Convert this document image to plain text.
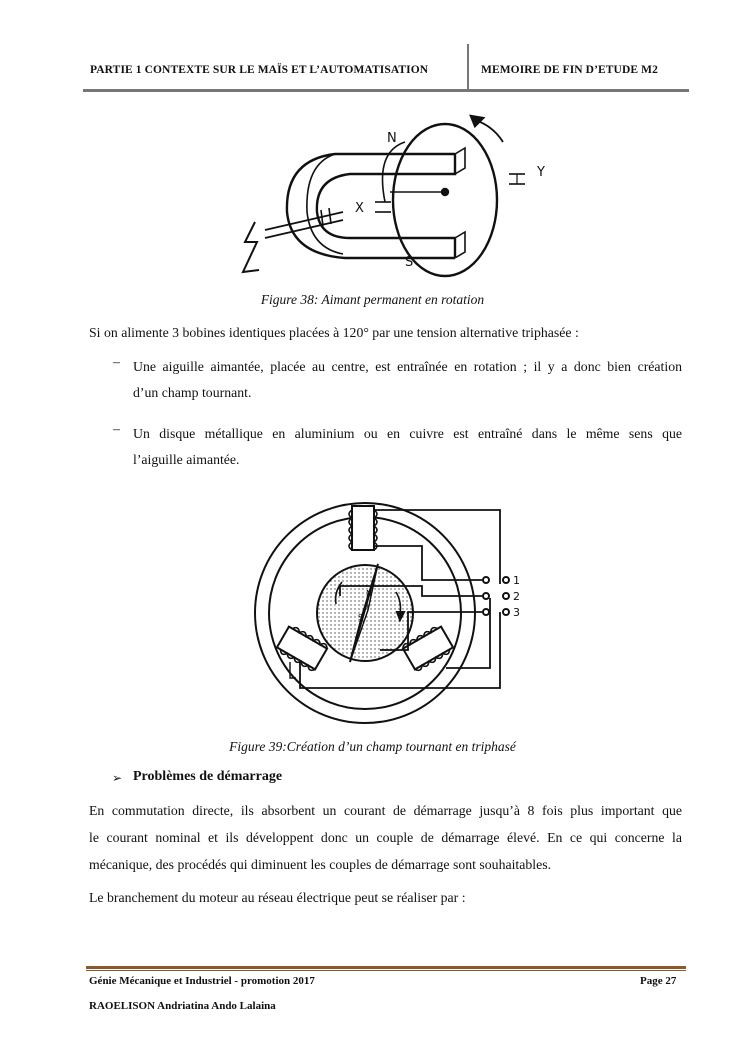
PARTIE 1 CONTEXTE SUR LE MAÏS ET L’AUTOMATISATION	MEMOIRE DE FIN D’ETUDE M2
N
S
X
Y
Figure 38: Aimant permanent en rotation
Si on alimente 3 bobines identiques placées à 120° par une tension alternative triphasée :
– Une aiguille aimantée, placée au centre, est entraînée en rotation ; il y a donc bien création
d’un champ tournant.
– Un disque métallique en aluminium ou en cuivre est entraîné dans le même sens que
l’aiguille aimantée.
1
2
3
N
+
S
Figure 39:Création d’un champ tournant en triphasé
➢ Problèmes de démarrage
En commutation directe, ils absorbent un courant de démarrage jusqu’à 8 fois plus important que
le courant nominal et ils développent donc un couple de démarrage élevé. En ce qui concerne la
mécanique, des procédés qui diminuent les couples de démarrage sont souhaitables.
Le branchement du moteur au réseau électrique peut se réaliser par :
Génie Mécanique et Industriel - promotion 2017	Page 27
RAOELISON Andriatina Ando Lalaina
